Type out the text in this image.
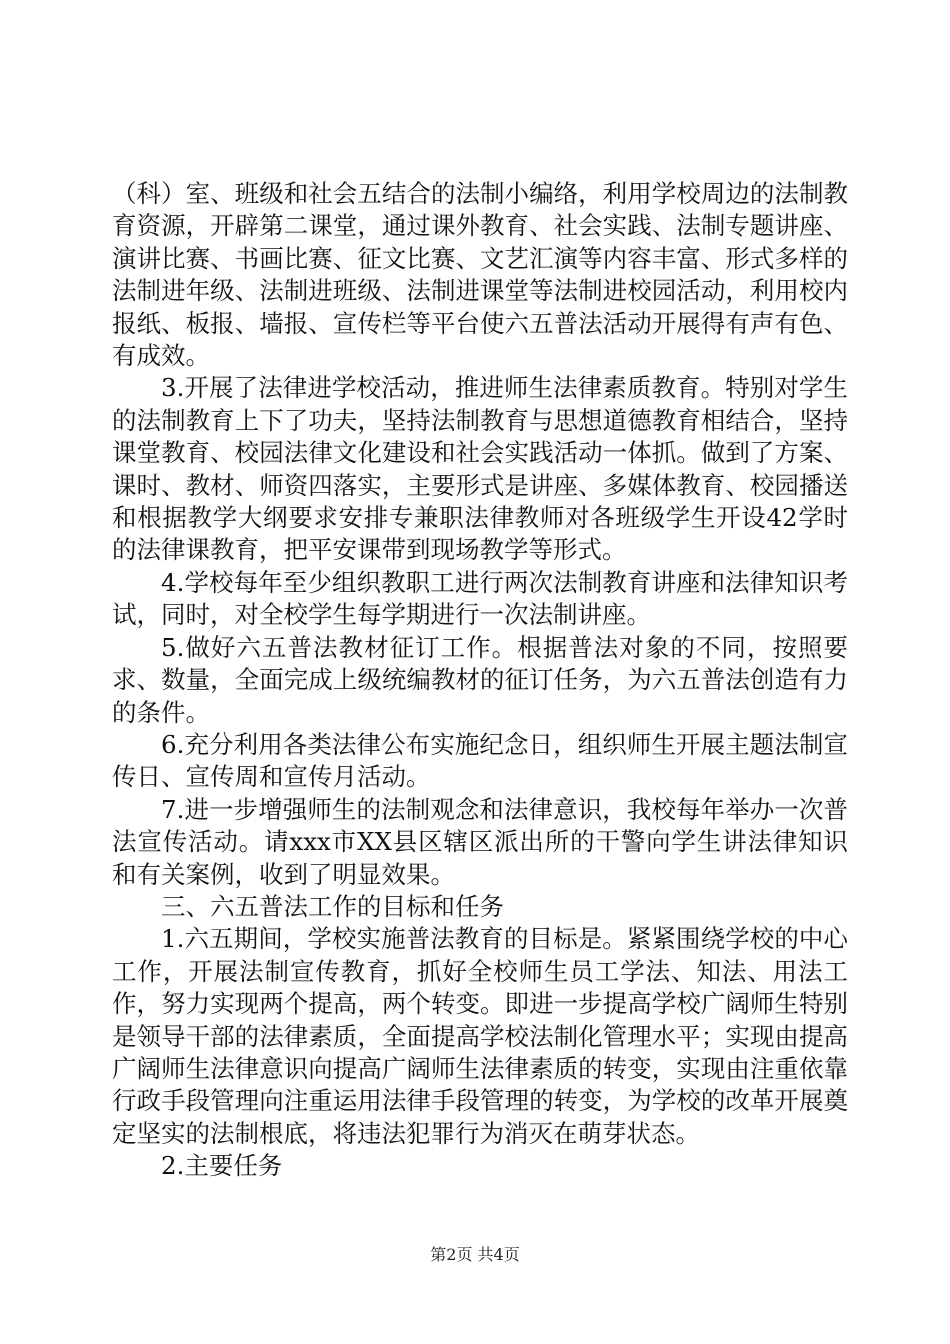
（科）室、班级和社会五结合的法制小编络，利用学校周边的法制教育资源，开辟第二课堂，通过课外教育、社会实践、法制专题讲座、演讲比赛、书画比赛、征文比赛、文艺汇演等内容丰富、形式多样的法制进年级、法制进班级、法制进课堂等法制进校园活动，利用校内报纸、板报、墙报、宣传栏等平台使六五普法活动开展得有声有色、有成效。

3.开展了法律进学校活动，推进师生法律素质教育。特别对学生的法制教育上下了功夫，坚持法制教育与思想道德教育相结合，坚持课堂教育、校园法律文化建设和社会实践活动一体抓。做到了方案、课时、教材、师资四落实，主要形式是讲座、多媒体教育、校园播送和根据教学大纲要求安排专兼职法律教师对各班级学生开设42学时的法律课教育，把平安课带到现场教学等形式。

4.学校每年至少组织教职工进行两次法制教育讲座和法律知识考试，同时，对全校学生每学期进行一次法制讲座。

5.做好六五普法教材征订工作。根据普法对象的不同，按照要求、数量，全面完成上级统编教材的征订任务，为六五普法创造有力的条件。

6.充分利用各类法律公布实施纪念日，组织师生开展主题法制宣传日、宣传周和宣传月活动。

7.进一步增强师生的法制观念和法律意识，我校每年举办一次普法宣传活动。请xxx市XX县区辖区派出所的干警向学生讲法律知识和有关案例，收到了明显效果。

三、六五普法工作的目标和任务

1.六五期间，学校实施普法教育的目标是。紧紧围绕学校的中心工作，开展法制宣传教育，抓好全校师生员工学法、知法、用法工作，努力实现两个提高，两个转变。即进一步提高学校广阔师生特别是领导干部的法律素质，全面提高学校法制化管理水平；实现由提高广阔师生法律意识向提高广阔师生法律素质的转变，实现由注重依靠行政手段管理向注重运用法律手段管理的转变，为学校的改革开展奠定坚实的法制根底，将违法犯罪行为消灭在萌芽状态。

2.主要任务

第2页 共4页
